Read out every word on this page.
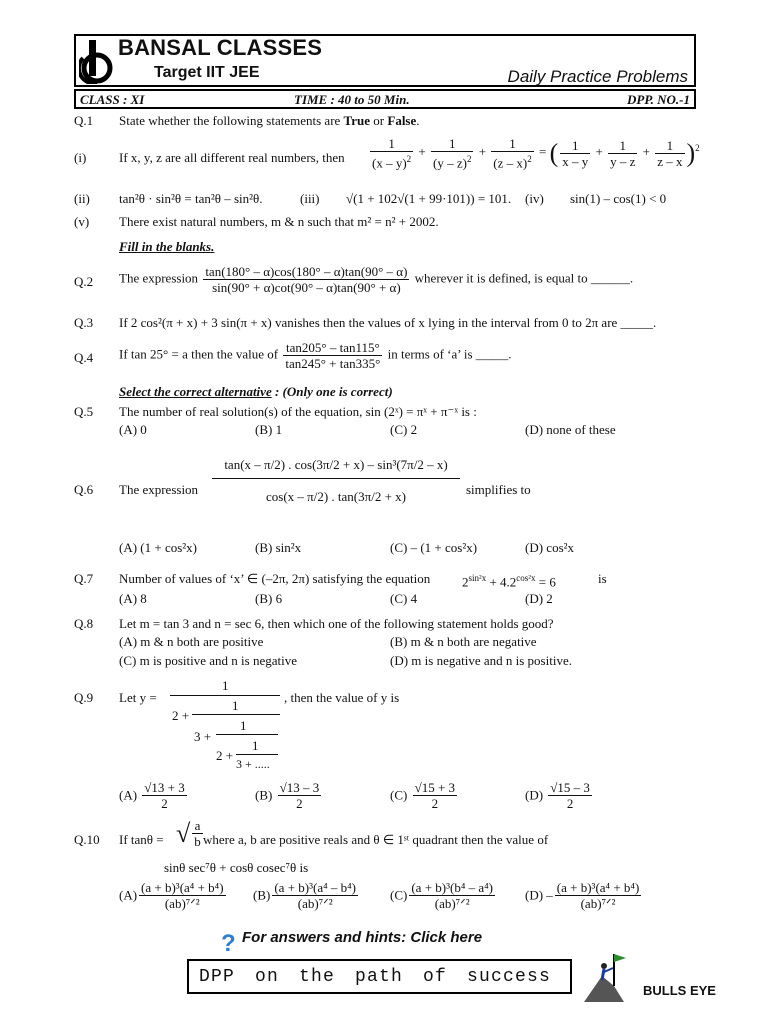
BANSAL CLASSES
Target IIT JEE	Daily Practice Problems
CLASS : XI	TIME : 40 to 50 Min.	DPP. NO.-1
Q.1 State whether the following statements are True or False.
(i)	If x, y, z are all different real numbers, then $\frac{1}{(x - y)^2} + \frac{1}{(y - z)^2} + \frac{1}{(z - x)^2}$ = ( $\frac{1}{x - y} + \frac{1}{y - z} + \frac{1}{z - x} )^2$
(ii) tan²θ · sin²θ = tan²θ – sin²θ.	(iii) √(1 + 102√(1 + 99·101)) = 101. (iv) sin(1) – cos(1) < 0
(v) There exist natural numbers, m & n such that m² = n² + 2002.
Fill in the blanks.
Q.2 The expression $\frac{\tan(180^\circ - \alpha)\cos(180^\circ - \alpha)\tan(90^\circ - \alpha)}{\sin(90^\circ + \alpha)\cot(90^\circ - \alpha)\tan(90^\circ + \alpha)}$ wherever it is defined, is equal to ______.
Q.3 If 2 cos²(π + x) + 3 sin(π + x) vanishes then the values of x lying in the interval from 0 to 2π are _____.
Q.4 If tan 25° = a then the value of $\frac{\tan 205^\circ - \tan 115^\circ}{\tan 245^\circ + \tan 335^\circ}$ in terms of ‘a’ is _____.
Select the correct alternative : (Only one is correct)
Q.5 The number of real solution(s) of the equation, sin (2ˣ) = πˣ + π⁻ˣ is :
(A) 0	(B) 1	(C) 2	(D) none of these
Q.6 The expression
tan(x – π/2) . cos(3π/2 + x) – sin³(7π/2 – x)
cos(x – π/2) . tan(3π/2 + x)	simplifies to
(A) (1 + cos²x)	(B) sin²x	(C) – (1 + cos²x)	(D) cos²x
Q.7 Number of values of ‘x’ ∈ (–2π, 2π) satisfying the equation $2^{sin^2x} + 4.2^{cos^2x} = 6$	is
(A) 8	(B) 6	(C) 4	(D) 2
Q.8 Let m = tan 3 and n = sec 6, then which one of the following statement holds good?
(A) m & n both are positive	(B) m & n both are negative
(C) m is positive and n is negative	(D) m is negative and n is positive.
Q.9 Let y =
1
2 +
1
3 +
1
2 +
1
3 + .....
, then the value of y is
$(A) \frac{√13 + 3}{2}$	$(B) \frac{√13 - 3}{2}$	$(C) \frac{√15 + 3}{2}$	$(D) \frac{√15 - 3}{2}$
Q.10 If tanθ = √ $\frac{a}{b}$ where a, b are positive reals and θ ∈ 1ˢᵗ quadrant then the value of
sinθ sec⁷θ + cosθ cosec⁷θ is
$(A) \frac{\text{(a + b)³(a⁴ + b⁴)}}{\text{(ab)⁷ᐟ²}} (B) \frac{\text{(a + b)³(a⁴ – b⁴)}}{\text{(ab)⁷ᐟ²}} (C) \frac{\text{(a + b)³(b⁴ – a⁴)}}{\text{(ab)⁷ᐟ²}} (D) - \frac{\text{(a + b)³(a⁴ + b⁴)}}{\text{(ab)⁷ᐟ²}}$
? For answers and hints: Click here
DPP on the path of success
BULLS EYE
